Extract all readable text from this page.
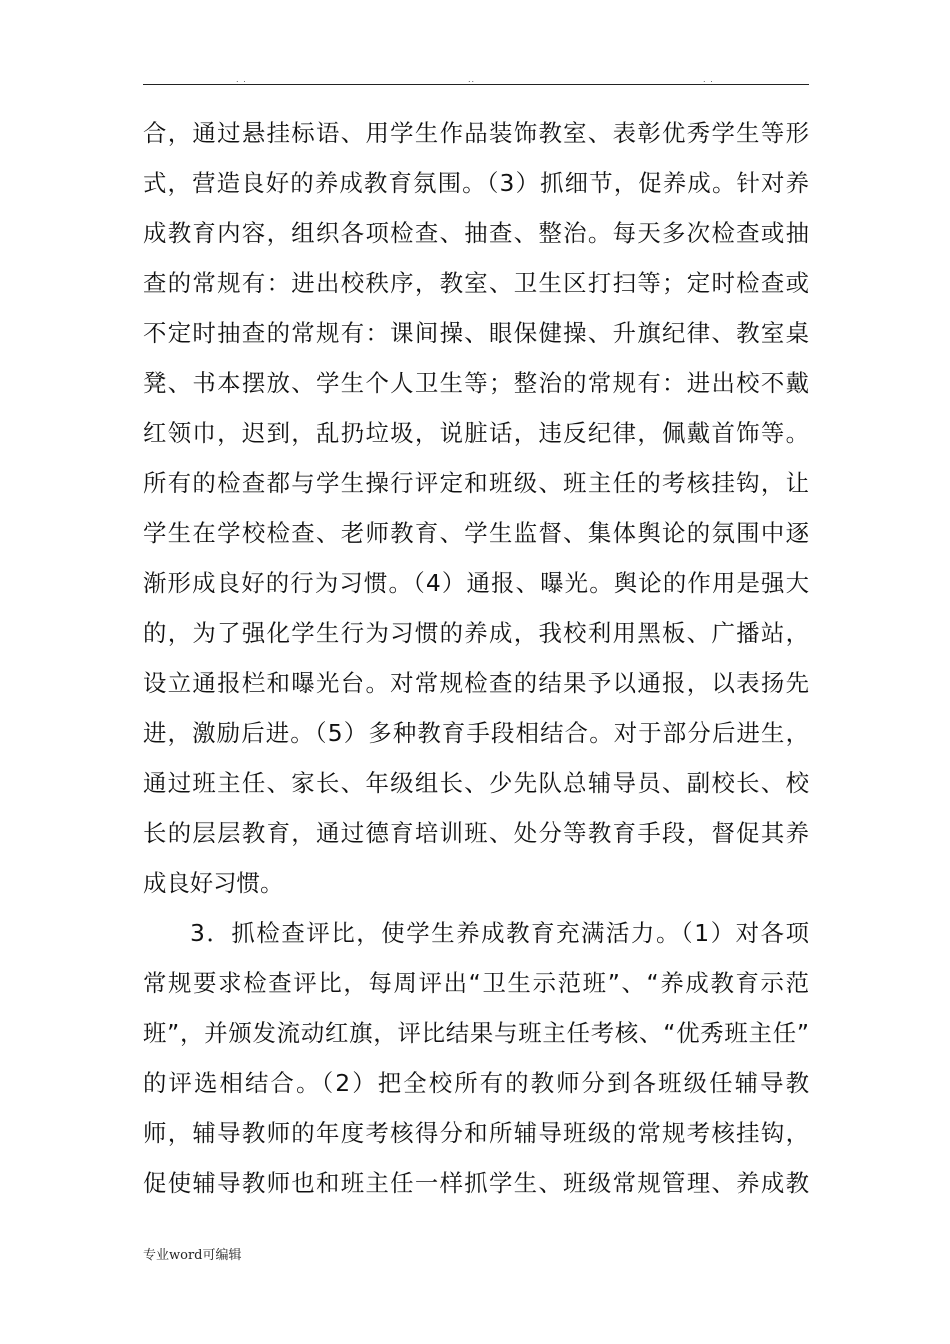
. .	..	. .
合，通过悬挂标语、用学生作品装饰教室、表彰优秀学生等形
式，营造良好的养成教育氛围。（3）抓细节，促养成。针对养
成教育内容，组织各项检查、抽查、整治。每天多次检查或抽
查的常规有：进出校秩序，教室、卫生区打扫等；定时检查或
不定时抽查的常规有：课间操、眼保健操、升旗纪律、教室桌
凳、书本摆放、学生个人卫生等；整治的常规有：进出校不戴
红领巾，迟到，乱扔垃圾，说脏话，违反纪律，佩戴首饰等。
所有的检查都与学生操行评定和班级、班主任的考核挂钩，让
学生在学校检查、老师教育、学生监督、集体舆论的氛围中逐
渐形成良好的行为习惯。（4）通报、曝光。舆论的作用是强大
的，为了强化学生行为习惯的养成，我校利用黑板、广播站，
设立通报栏和曝光台。对常规检查的结果予以通报，以表扬先
进，激励后进。（5）多种教育手段相结合。对于部分后进生，
通过班主任、家长、年级组长、少先队总辅导员、副校长、校
长的层层教育，通过德育培训班、处分等教育手段，督促其养
成良好习惯。
3．抓检查评比，使学生养成教育充满活力。（1）对各项
常规要求检查评比，每周评出“卫生示范班”、“养成教育示范
班”，并颁发流动红旗，评比结果与班主任考核、“优秀班主任”
的评选相结合。（2）把全校所有的教师分到各班级任辅导教
师，辅导教师的年度考核得分和所辅导班级的常规考核挂钩，
促使辅导教师也和班主任一样抓学生、班级常规管理、养成教
专业word可编辑
